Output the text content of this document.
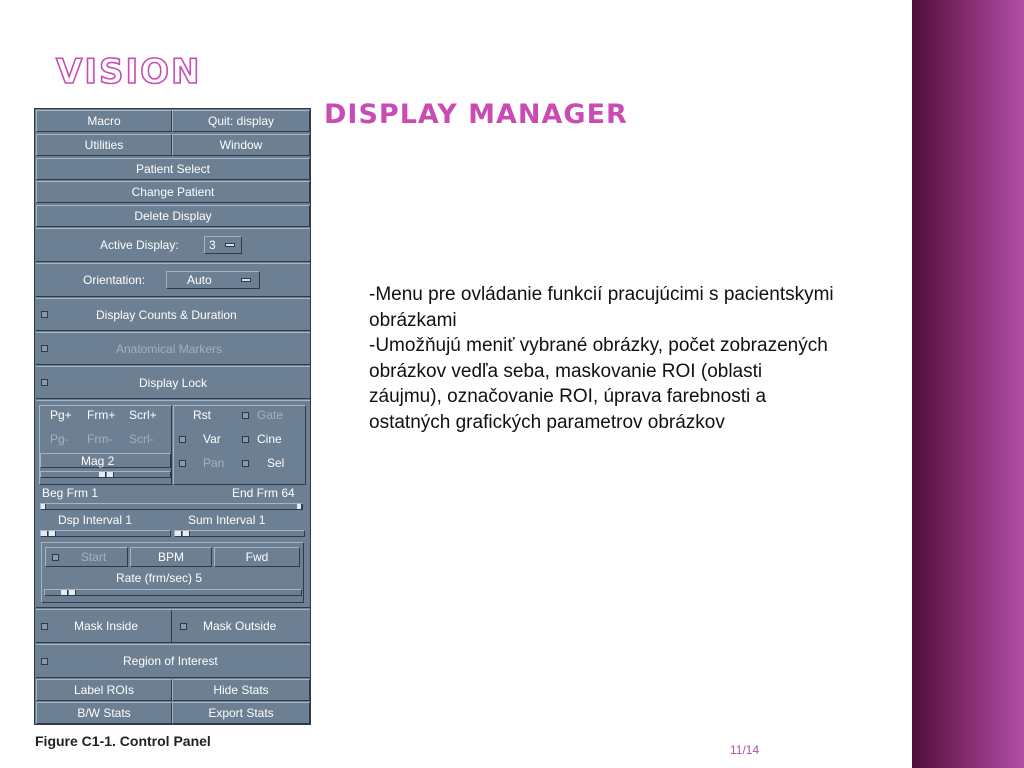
VISION
DISPLAY MANAGER
Macro	Quit: display
Utilities	Window
Patient Select
Change Patient
Delete Display
Active Display:	3
Orientation:	Auto
Display Counts & Duration
Anatomical Markers
Display Lock
Pg+ Frm+ Scrl+	Rst	Gate
Pg- Frm- Scrl-	Var	Cine
Mag 2	Pan	Sel
Beg Frm 1	End Frm 64
Dsp Interval 1	Sum Interval 1
Start	BPM	Fwd
Rate (frm/sec) 5
Mask Inside	Mask Outside
Region of Interest
Label ROIs	Hide Stats
B/W Stats	Export Stats
Figure C1-1. Control Panel

-Menu pre ovládanie funkcií pracujúcimi s pacientskymi obrázkami

-Umožňujú meniť vybrané obrázky, počet zobrazených obrázkov vedľa seba, maskovanie ROI (oblasti záujmu), označovanie ROI, úprava farebnosti a ostatných grafických parametrov obrázkov

11/14
